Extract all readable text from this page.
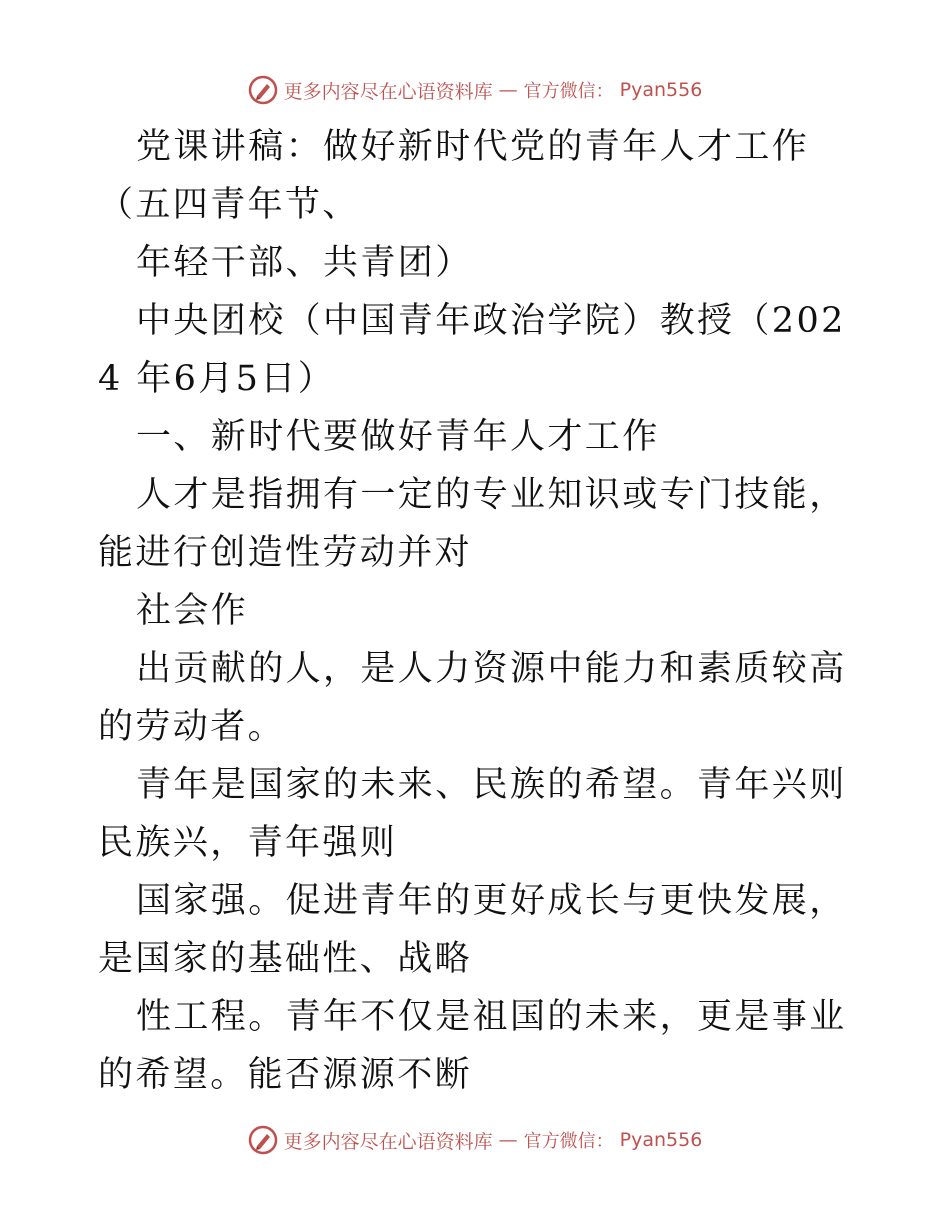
更多内容尽在心语资料库 — 官方微信： Pyan556

党课讲稿：做好新时代党的青年人才工作（五四青年节、

年轻干部、共青团）

中央团校（中国青年政治学院）教授（2024 年6月5日）

一、新时代要做好青年人才工作

人才是指拥有一定的专业知识或专门技能，能进行创造性劳动并对

社会作

出贡献的人，是人力资源中能力和素质较高的劳动者。

青年是国家的未来、民族的希望。青年兴则民族兴，青年强则

国家强。促进青年的更好成长与更快发展，是国家的基础性、战略

性工程。青年不仅是祖国的未来，更是事业的希望。能否源源不断

更多内容尽在心语资料库 — 官方微信： Pyan556
